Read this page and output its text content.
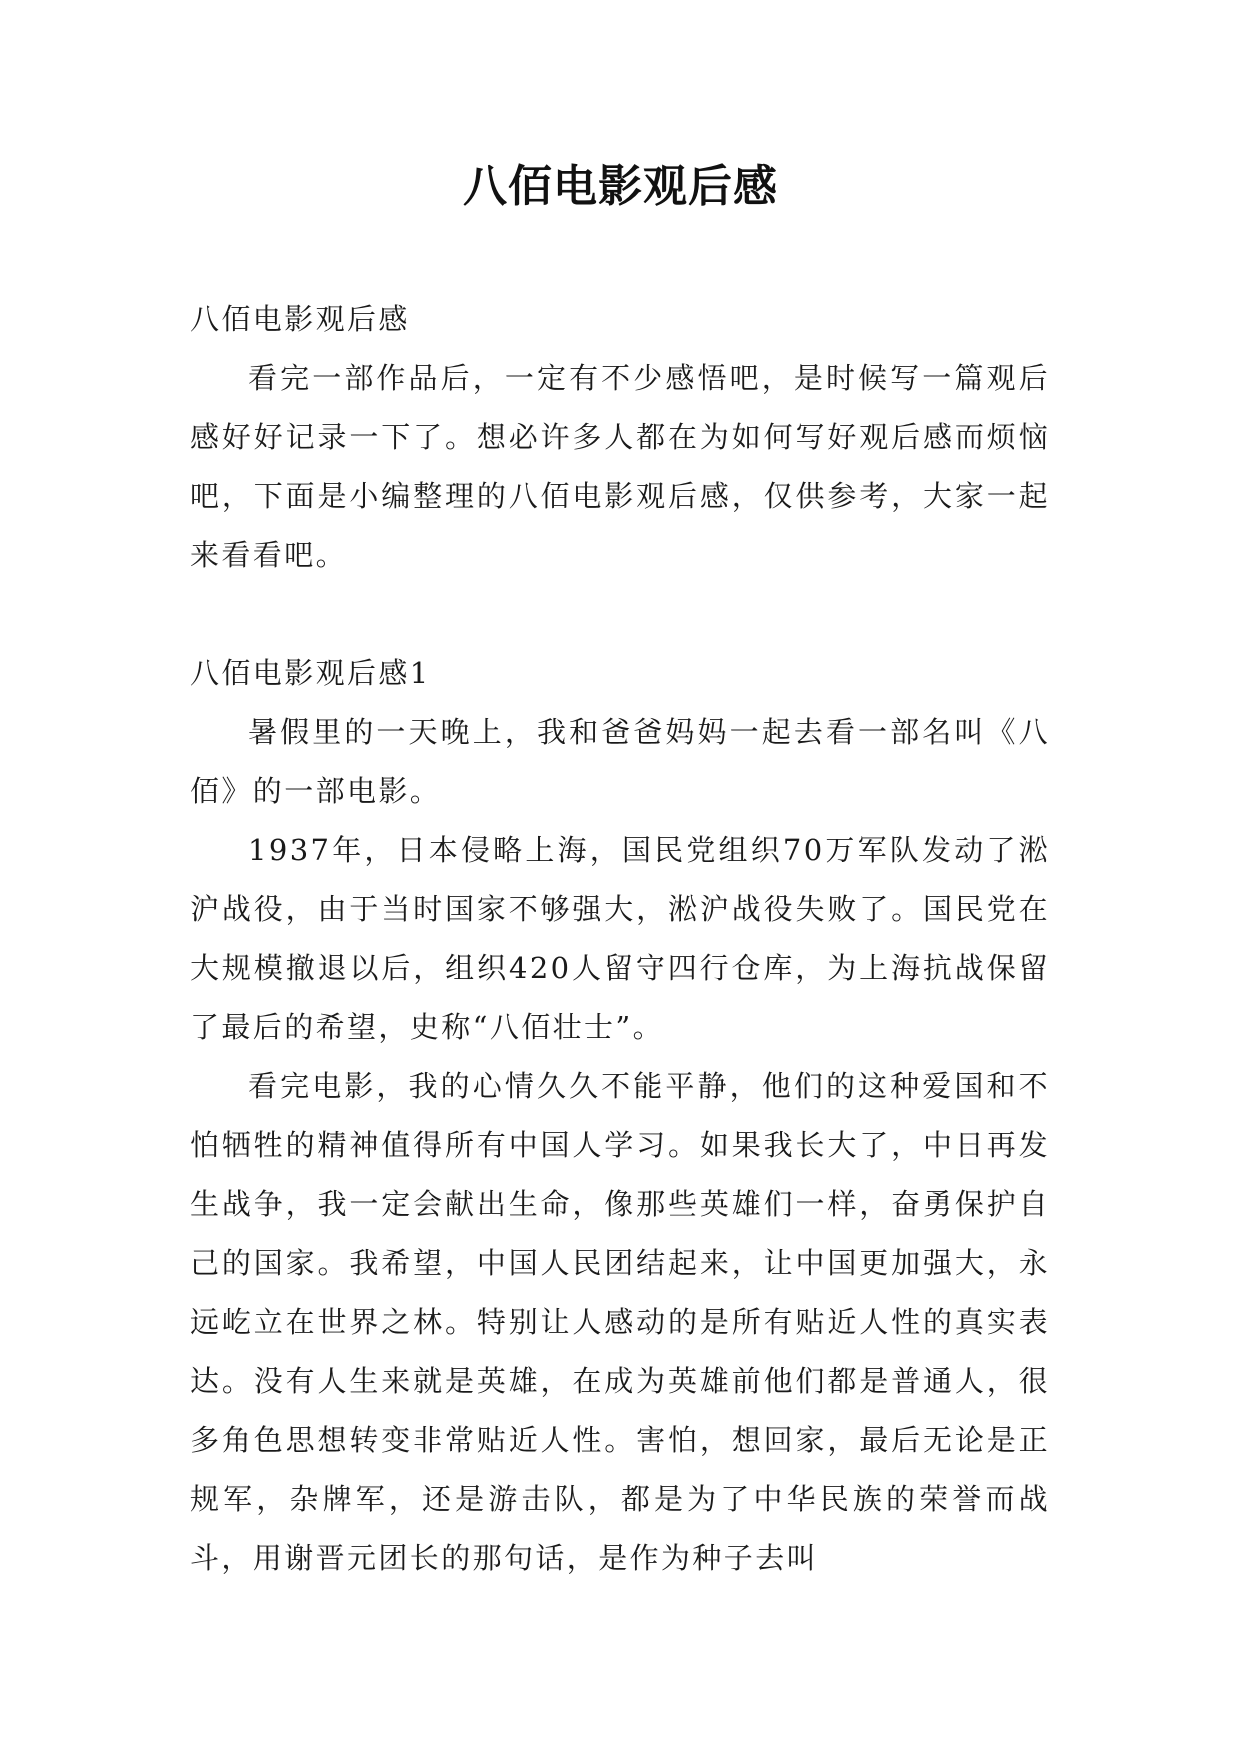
八佰电影观后感

八佰电影观后感

看完一部作品后，一定有不少感悟吧，是时候写一篇观后感好好记录一下了。想必许多人都在为如何写好观后感而烦恼吧，下面是小编整理的八佰电影观后感，仅供参考，大家一起来看看吧。

八佰电影观后感1

暑假里的一天晚上，我和爸爸妈妈一起去看一部名叫《八佰》的一部电影。

1937年，日本侵略上海，国民党组织70万军队发动了淞沪战役，由于当时国家不够强大，淞沪战役失败了。国民党在大规模撤退以后，组织420人留守四行仓库，为上海抗战保留了最后的希望，史称“八佰壮士”。

看完电影，我的心情久久不能平静，他们的这种爱国和不怕牺牲的精神值得所有中国人学习。如果我长大了，中日再发生战争，我一定会献出生命，像那些英雄们一样，奋勇保护自己的国家。我希望，中国人民团结起来，让中国更加强大，永远屹立在世界之林。特别让人感动的是所有贴近人性的真实表达。没有人生来就是英雄，在成为英雄前他们都是普通人，很多角色思想转变非常贴近人性。害怕，想回家，最后无论是正规军，杂牌军，还是游击队，都是为了中华民族的荣誉而战斗，用谢晋元团长的那句话，是作为种子去叫
